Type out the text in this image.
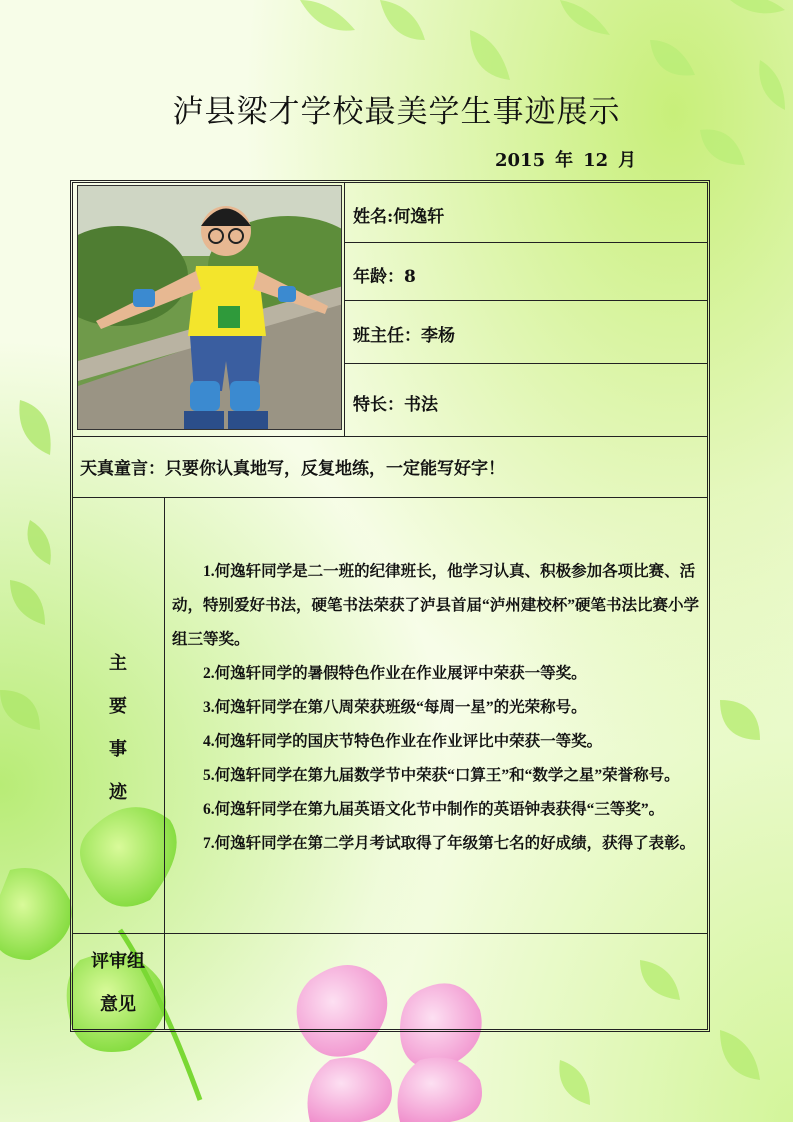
泸县梁才学校最美学生事迹展示
2015 年 12 月
姓名:何逸轩
年龄：8
班主任：李杨
特长：书法
天真童言：只要你认真地写，反复地练，一定能写好字！
主
要
事
迹

1.何逸轩同学是二一班的纪律班长，他学习认真、积极参加各项比赛、活动，特别爱好书法，硬笔书法荣获了泸县首届“泸州建校杯”硬笔书法比赛小学组三等奖。

2.何逸轩同学的暑假特色作业在作业展评中荣获一等奖。

3.何逸轩同学在第八周荣获班级“每周一星”的光荣称号。

4.何逸轩同学的国庆节特色作业在作业评比中荣获一等奖。

5.何逸轩同学在第九届数学节中荣获“口算王”和“数学之星”荣誉称号。

6.何逸轩同学在第九届英语文化节中制作的英语钟表获得“三等奖”。

7.何逸轩同学在第二学月考试取得了年级第七名的好成绩，获得了表彰。

评审组
意见
